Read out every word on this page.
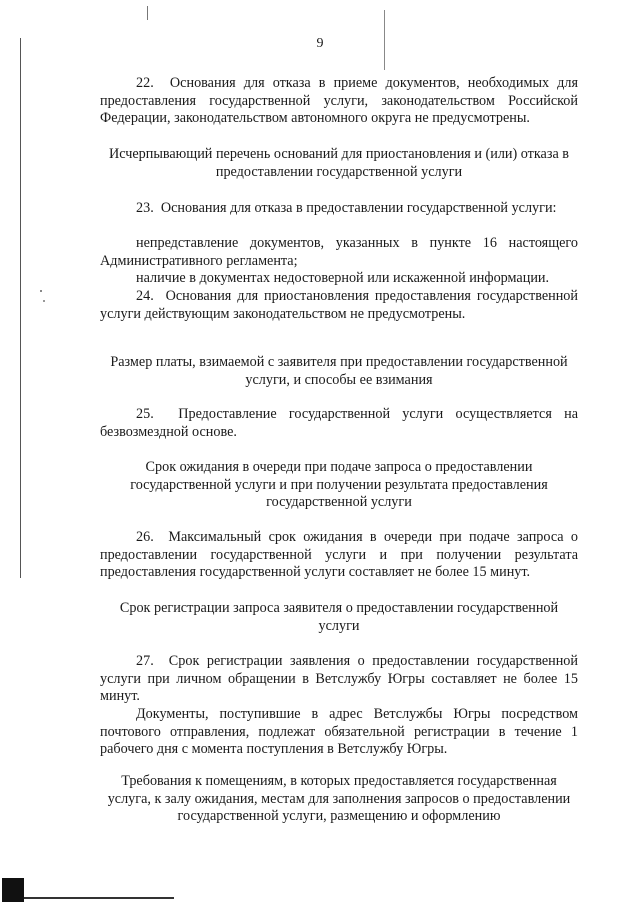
9

22.  Основания для отказа в приеме документов, необходимых для предоставления государственной услуги, законодательством Российской Федерации, законодательством автономного округа не предусмотрены.

Исчерпывающий перечень оснований для приостановления и (или) отказа в предоставлении государственной услуги

23.  Основания для отказа в предоставлении государственной услуги:

непредставление документов, указанных в пункте 16 настоящего Административного регламента;

наличие в документах недостоверной или искаженной информации.

24.  Основания для приостановления предоставления государственной услуги действующим законодательством не предусмотрены.

Размер платы, взимаемой с заявителя при предоставлении государственной услуги, и способы ее взимания

25.  Предоставление государственной услуги осуществляется на безвозмездной основе.

Срок ожидания в очереди при подаче запроса о предоставлении государственной услуги и при получении результата предоставления государственной услуги

26.  Максимальный срок ожидания в очереди при подаче запроса о предоставлении государственной услуги и при получении результата предоставления государственной услуги составляет не более 15 минут.

Срок регистрации запроса заявителя о предоставлении государственной услуги

27.  Срок регистрации заявления о предоставлении государственной услуги при личном обращении в Ветслужбу Югры составляет не более 15 минут.

Документы, поступившие в адрес Ветслужбы Югры посредством почтового отправления, подлежат обязательной регистрации в течение 1 рабочего дня с момента поступления в Ветслужбу Югры.

Требования к помещениям, в которых предоставляется государственная услуга, к залу ожидания, местам для заполнения запросов о предоставлении государственной услуги, размещению и оформлению
